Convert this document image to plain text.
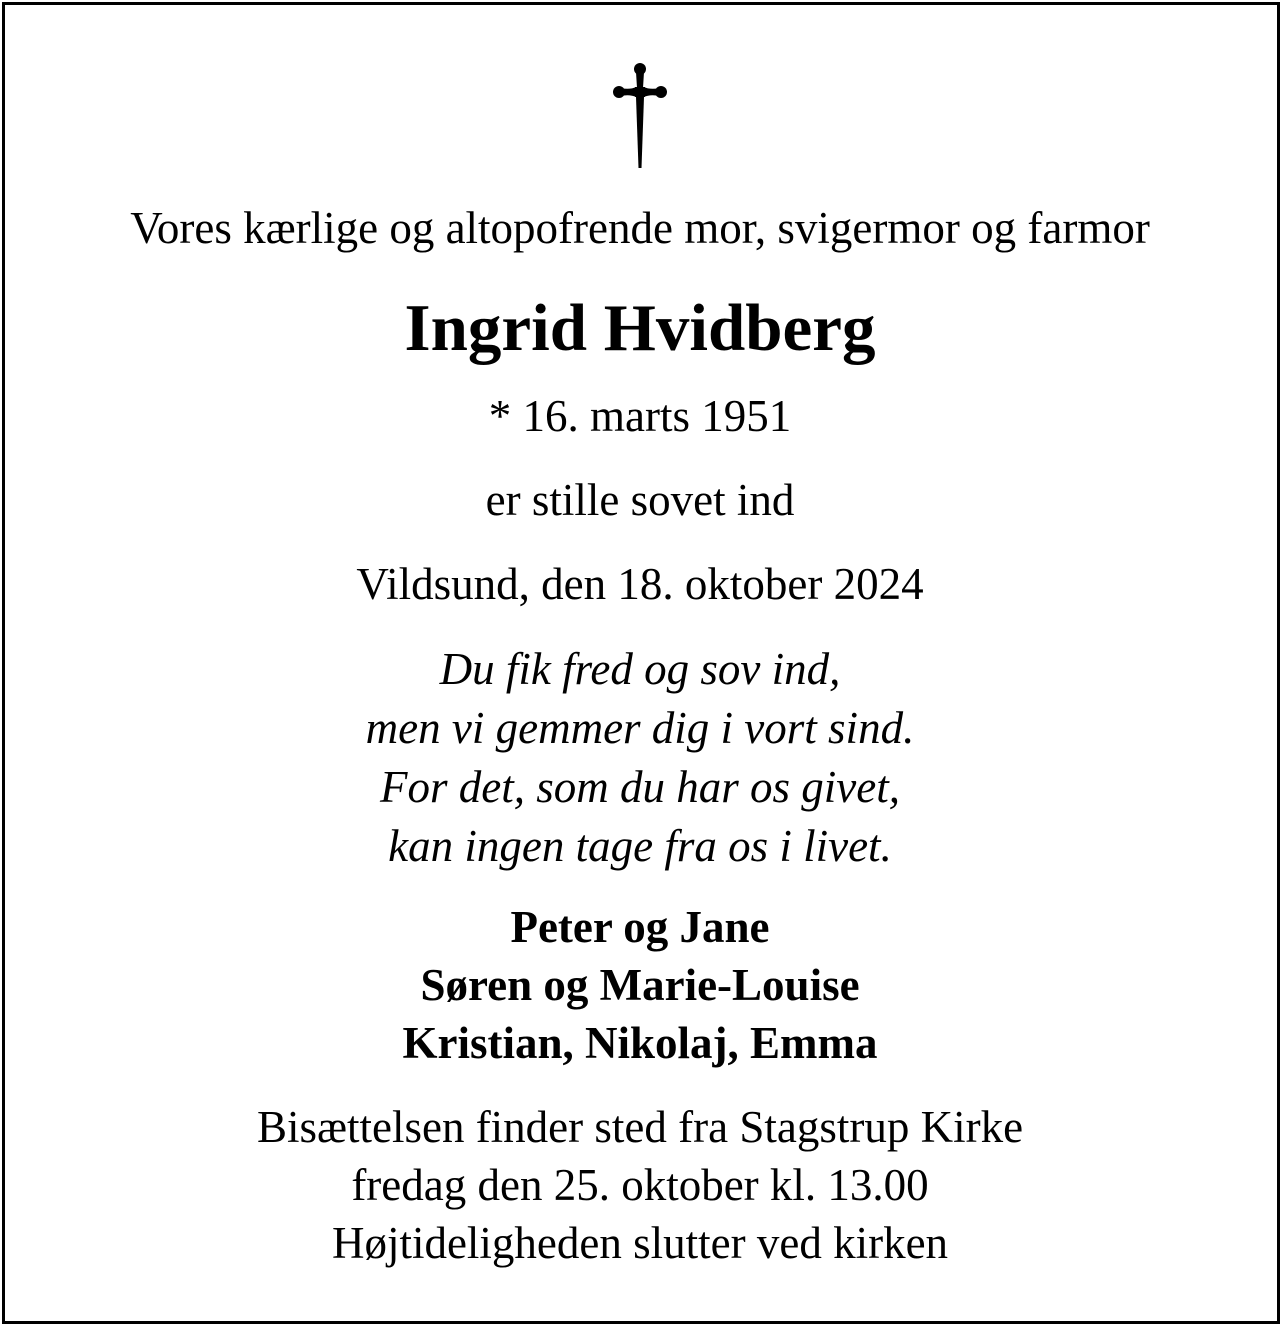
Vores kærlige og altopofrende mor, svigermor og farmor

Ingrid Hvidberg

* 16. marts 1951

er stille sovet ind

Vildsund, den 18. oktober 2024

Du fik fred og sov ind,
men vi gemmer dig i vort sind.
For det, som du har os givet,
kan ingen tage fra os i livet.
Peter og Jane
Søren og Marie-Louise
Kristian, Nikolaj, Emma
Bisættelsen finder sted fra Stagstrup Kirke
fredag den 25. oktober kl. 13.00
Højtideligheden slutter ved kirken
